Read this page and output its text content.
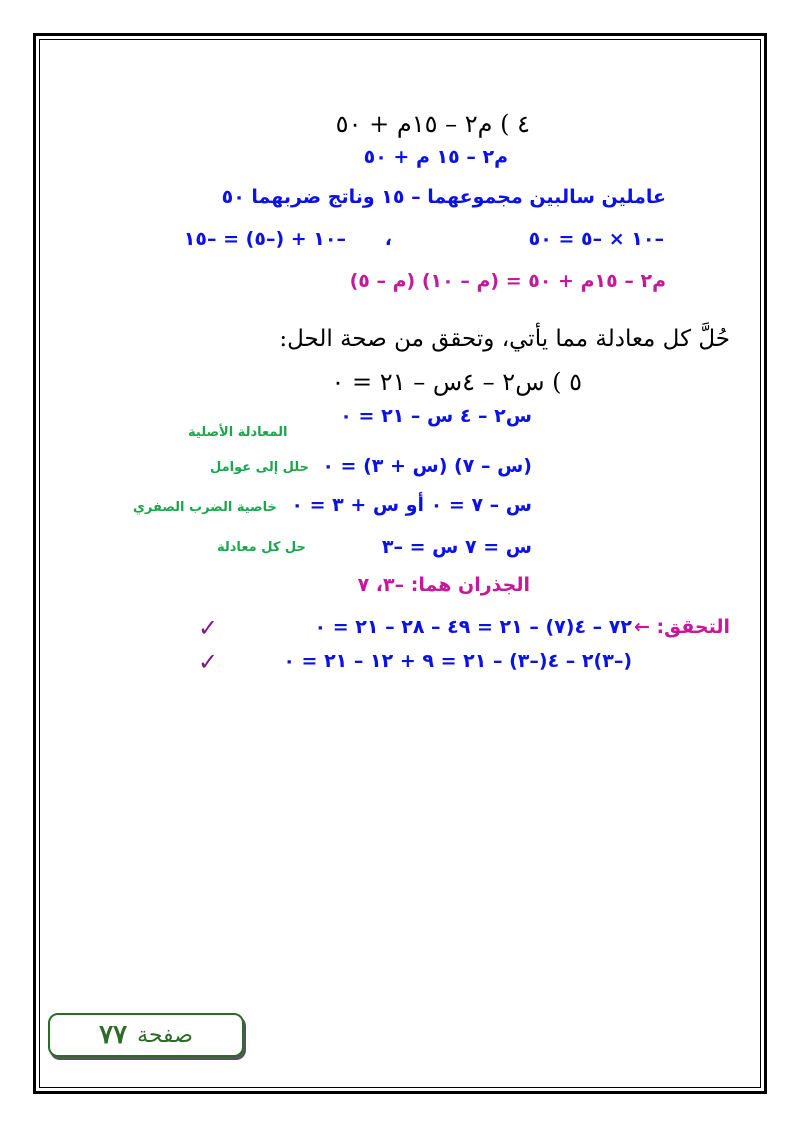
٤ ) م٢ – ١٥م + ٥٠
م٢ – ١٥ م + ٥٠
عاملين سالبين مجموعهما – ١٥ وناتج ضربهما ٥٠
–١٠ × –٥ = ٥٠
،
–١٠ + (–٥) = –١٥
م٢ – ١٥م + ٥٠ = (م – ١٠) (م – ٥)
حُلَّ كل معادلة مما يأتي، وتحقق من صحة الحل:
٥ ) س٢ – ٤س – ٢١ = ٠
س٢ – ٤ س – ٢١ = ٠
المعادلة الأصلية
(س – ٧) (س + ٣) = ٠
حلل إلى عوامل
س – ٧ = ٠ أو س + ٣ = ٠
خاصية الضرب الصفري
س = ٧ س = –٣
حل كل معادلة
الجذران هما: –٣، ٧
التحقق: ←
٧٢ – ٤(٧) – ٢١ = ٤٩ – ٢٨ – ٢١ = ٠
✓
(–٣)٢ – ٤(–٣) – ٢١ = ٩ + ١٢ – ٢١ = ٠
✓
صفحة
٧٧
